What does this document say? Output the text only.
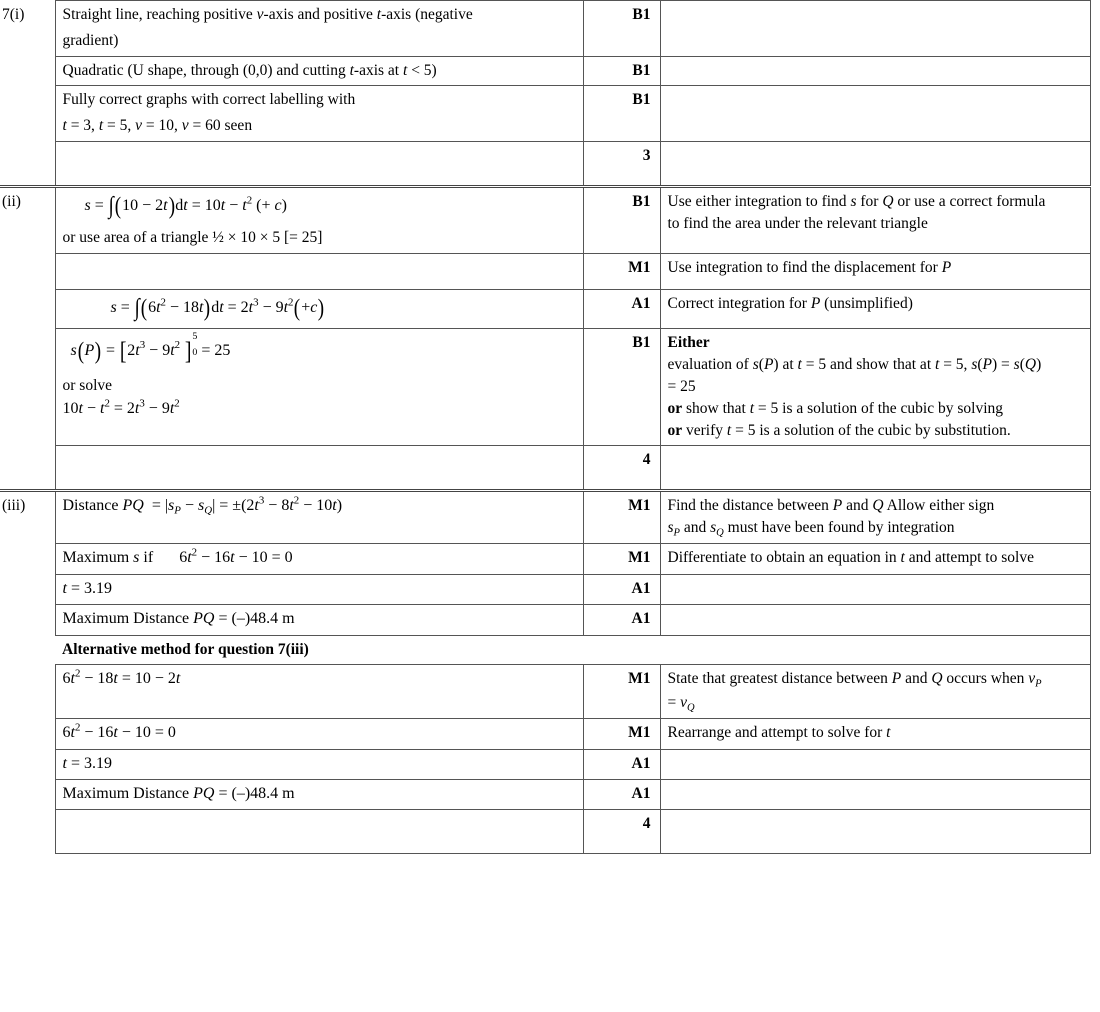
7(i)	Straight line, reaching positive v-axis and positive t-axis (negative
gradient)	B1	

	Quadratic (U shape, through (0,0) and cutting t-axis at t < 5)	B1	

	Fully correct graphs with correct labelling with
t = 3, t = 5, v = 10, v = 60 seen	B1	
		3	
(ii)	$s = \int(10 - 2t)dt = 10t - t^2$ (+ c)
or use area of a triangle ½ × 10 × 5 [= 25]	B1	Use either integration to find s for Q or use a correct formula
to find the area under the relevant triangle

		M1	Use integration to find the displacement for P

	$s = \int(6t^2 - 18t)dt = 2t^3 - 9t^2(+c)$	A1	Correct integration for P (unsimplified)

$s(P) = [2t^3 - 9t^2$ ]
5
0 = 25
or solve
$10t - t^2 = 2t^3 - 9t^2$
	B1	Either
evaluation of s(P) at t = 5 and show that at t = 5, s(P) = s(Q)
= 25
or show that t = 5 is a solution of the cubic by solving
or verify t = 5 is a solution of the cubic by substitution.

		4	
(iii)	Distance PQ  = $|s_P - s_Q| = \pm(2t^3 - 8t^2 - 10t)$	M1	Find the distance between P and Q Allow either sign
$s_P$ and $s_Q$ must have been found by integration

	Maximum s if $6t^2 - 16t - 10 = 0$	M1	Differentiate to obtain an equation in t and attempt to solve

	t = 3.19	A1	

	Maximum Distance PQ = (–)48.4 m	A1	
	Alternative method for question 7(iii)		

	$6t^2 - 18t = 10 - 2t$	M1	State that greatest distance between P and Q occurs when $v_P$
= $v_Q$

	$6t^2 - 16t - 10 = 0$	M1	Rearrange and attempt to solve for t

	t = 3.19	A1	

	Maximum Distance PQ = (–)48.4 m	A1	
		4	
